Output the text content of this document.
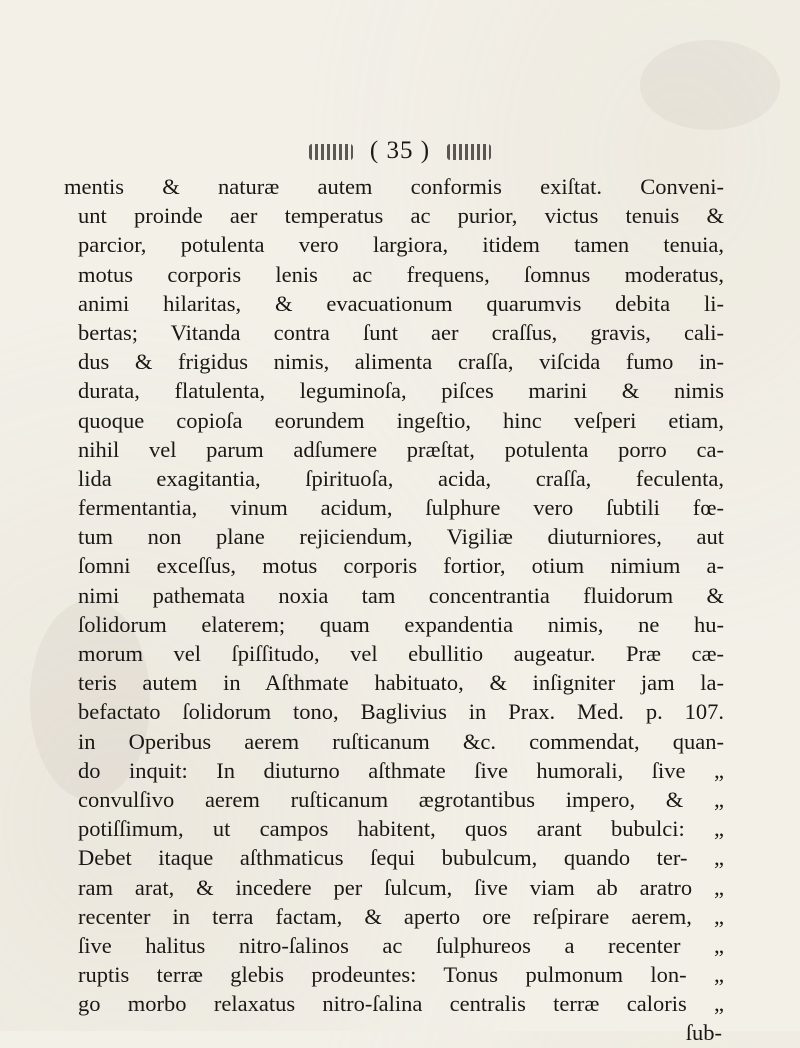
( 35 )
mentis & naturæ autem conformis exiſtat. Conveni-
unt proinde aer temperatus ac purior, victus tenuis &
parcior, potulenta vero largiora, itidem tamen tenuia,
motus corporis lenis ac frequens, ſomnus moderatus,
animi hilaritas, & evacuationum quarumvis debita li-
bertas; Vitanda contra ſunt aer craſſus, gravis, cali-
dus & frigidus nimis, alimenta craſſa, viſcida fumo in-
durata, flatulenta, leguminoſa, piſces marini & nimis
quoque copioſa eorundem ingeſtio, hinc veſperi etiam,
nihil vel parum adſumere præſtat, potulenta porro ca-
lida exagitantia, ſpirituoſa, acida, craſſa, feculenta,
fermentantia, vinum acidum, ſulphure vero ſubtili fœ-
tum non plane rejiciendum, Vigiliæ diuturniores, aut
ſomni exceſſus, motus corporis fortior, otium nimium a-
nimi pathemata noxia tam concentrantia fluidorum &
ſolidorum elaterem; quam expandentia nimis, ne hu-
morum vel ſpiſſitudo, vel ebullitio augeatur. Præ cæ-
teris autem in Aſthmate habituato, & inſigniter jam la-
befactato ſolidorum tono, Baglivius in Prax. Med. p. 107.
in Operibus aerem ruſticanum &c. commendat, quan-
do inquit: In diuturno aſthmate ſive humorali, ſive „
convulſivo aerem ruſticanum ægrotantibus impero, & „
potiſſimum, ut campos habitent, quos arant bubulci: „
Debet itaque aſthmaticus ſequi bubulcum, quando ter- „
ram arat, & incedere per ſulcum, ſive viam ab aratro „
recenter in terra factam, & aperto ore reſpirare aerem, „
ſive halitus nitro-ſalinos ac ſulphureos a recenter „
ruptis terræ glebis prodeuntes: Tonus pulmonum lon- „
go morbo relaxatus nitro-ſalina centralis terræ caloris „
ſub-
